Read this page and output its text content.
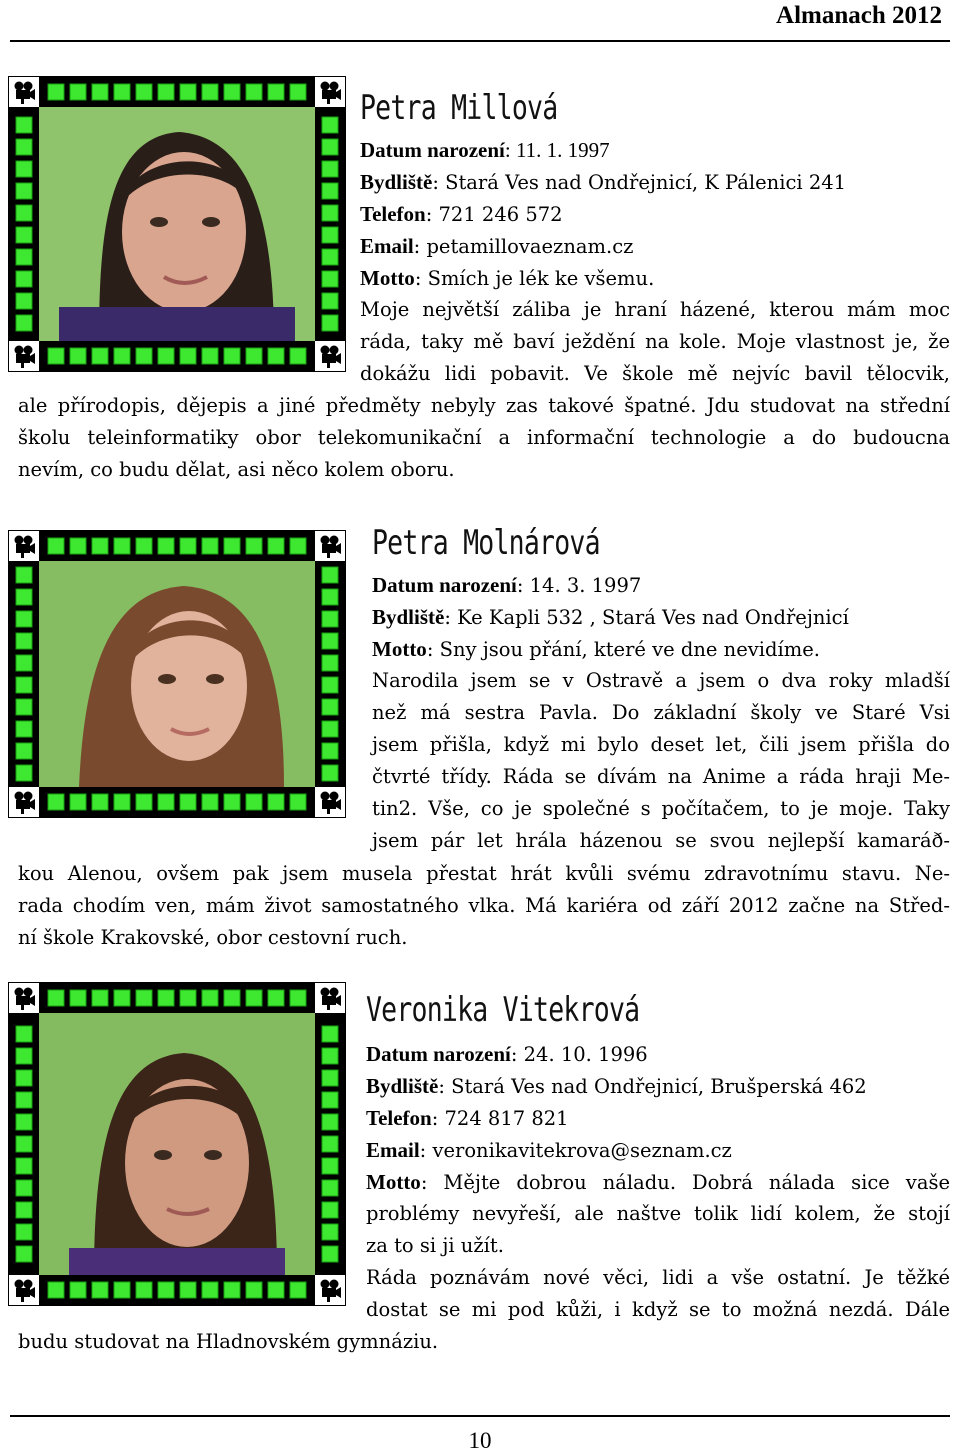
Almanach 2012
Petra Millová
Datum narození: 11. 1. 1997
Bydliště: Stará Ves nad Ondřejnicí, K Pálenici 241
Telefon: 721 246 572
Email: petamillovaeznam.cz
Motto: Smích je lék ke všemu.
Moje největší záliba je hraní házené, kterou mám moc
ráda, taky mě baví ježdění na kole. Moje vlastnost je, že
dokážu lidi pobavit. Ve škole mě nejvíc bavil tělocvik,
ale přírodopis, dějepis a jiné předměty nebyly zas takové špatné. Jdu studovat na střední
školu teleinformatiky obor telekomunikační a informační technologie a do budoucna
nevím, co budu dělat, asi něco kolem oboru.
Petra Molnárová
Datum narození: 14. 3. 1997
Bydliště: Ke Kapli 532 , Stará Ves nad Ondřejnicí
Motto: Sny jsou přání, které ve dne nevidíme.
Narodila jsem se v Ostravě a jsem o dva roky mladší
než má sestra Pavla. Do základní školy ve Staré Vsi
jsem přišla, když mi bylo deset let, čili jsem přišla do
čtvrté třídy. Ráda se dívám na Anime a ráda hraji Me-
tin2. Vše, co je společné s počítačem, to je moje. Taky
jsem pár let hrála házenou se svou nejlepší kamaráð-
kou Alenou, ovšem pak jsem musela přestat hrát kvůli svému zdravotnímu stavu. Ne-
rada chodím ven, mám život samostatného vlka. Má kariéra od září 2012 začne na Střed-
ní škole Krakovské, obor cestovní ruch.
Veronika Vitekrová
Datum narození: 24. 10. 1996
Bydliště: Stará Ves nad Ondřejnicí, Brušperská 462
Telefon: 724 817 821
Email: veronikavitekrova@seznam.cz
Motto: Mějte dobrou náladu. Dobrá nálada sice vaše
problémy nevyřeší, ale naštve tolik lidí kolem, že stojí
za to si ji užít.
Ráda poznávám nové věci, lidi a vše ostatní. Je těžké
dostat se mi pod kůži, i když se to možná nezdá. Dále
budu studovat na Hladnovském gymnáziu.
10
